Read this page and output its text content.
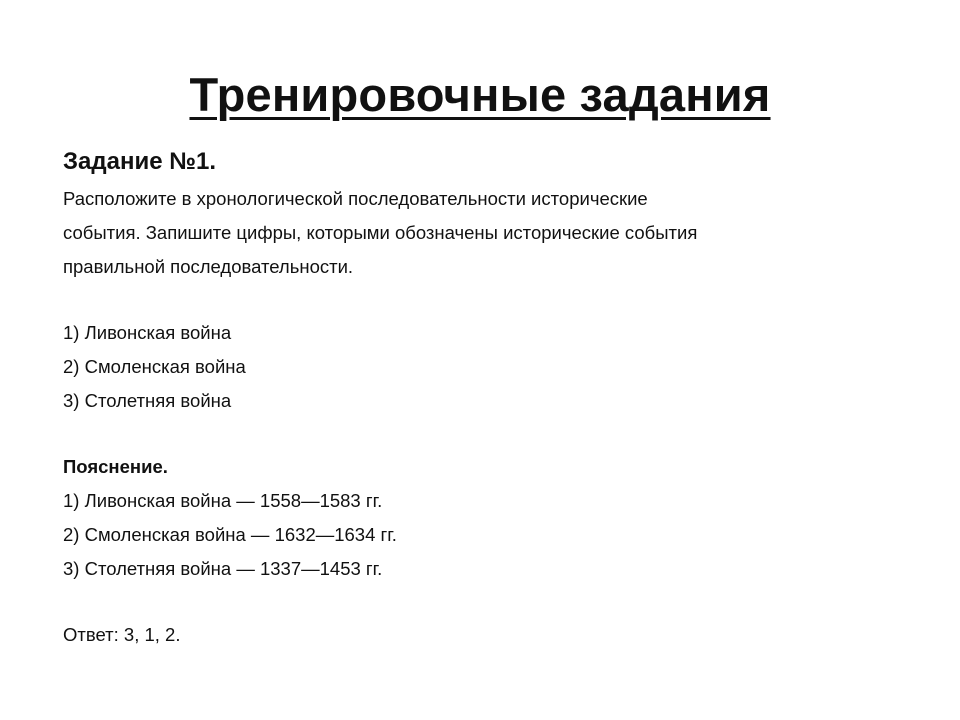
Тренировочные задания

Задание №1.

Расположите в хронологической последовательности исторические

события. Запишите цифры, которыми обозначены исторические события

правильной последовательности.

1) Ливонская война

2) Смоленская война

3) Столетняя война

Пояснение.

1) Ливонская война — 1558—1583 гг.

2) Смоленская война — 1632—1634 гг.

3) Столетняя война — 1337—1453 гг.

Ответ: 3, 1, 2.
